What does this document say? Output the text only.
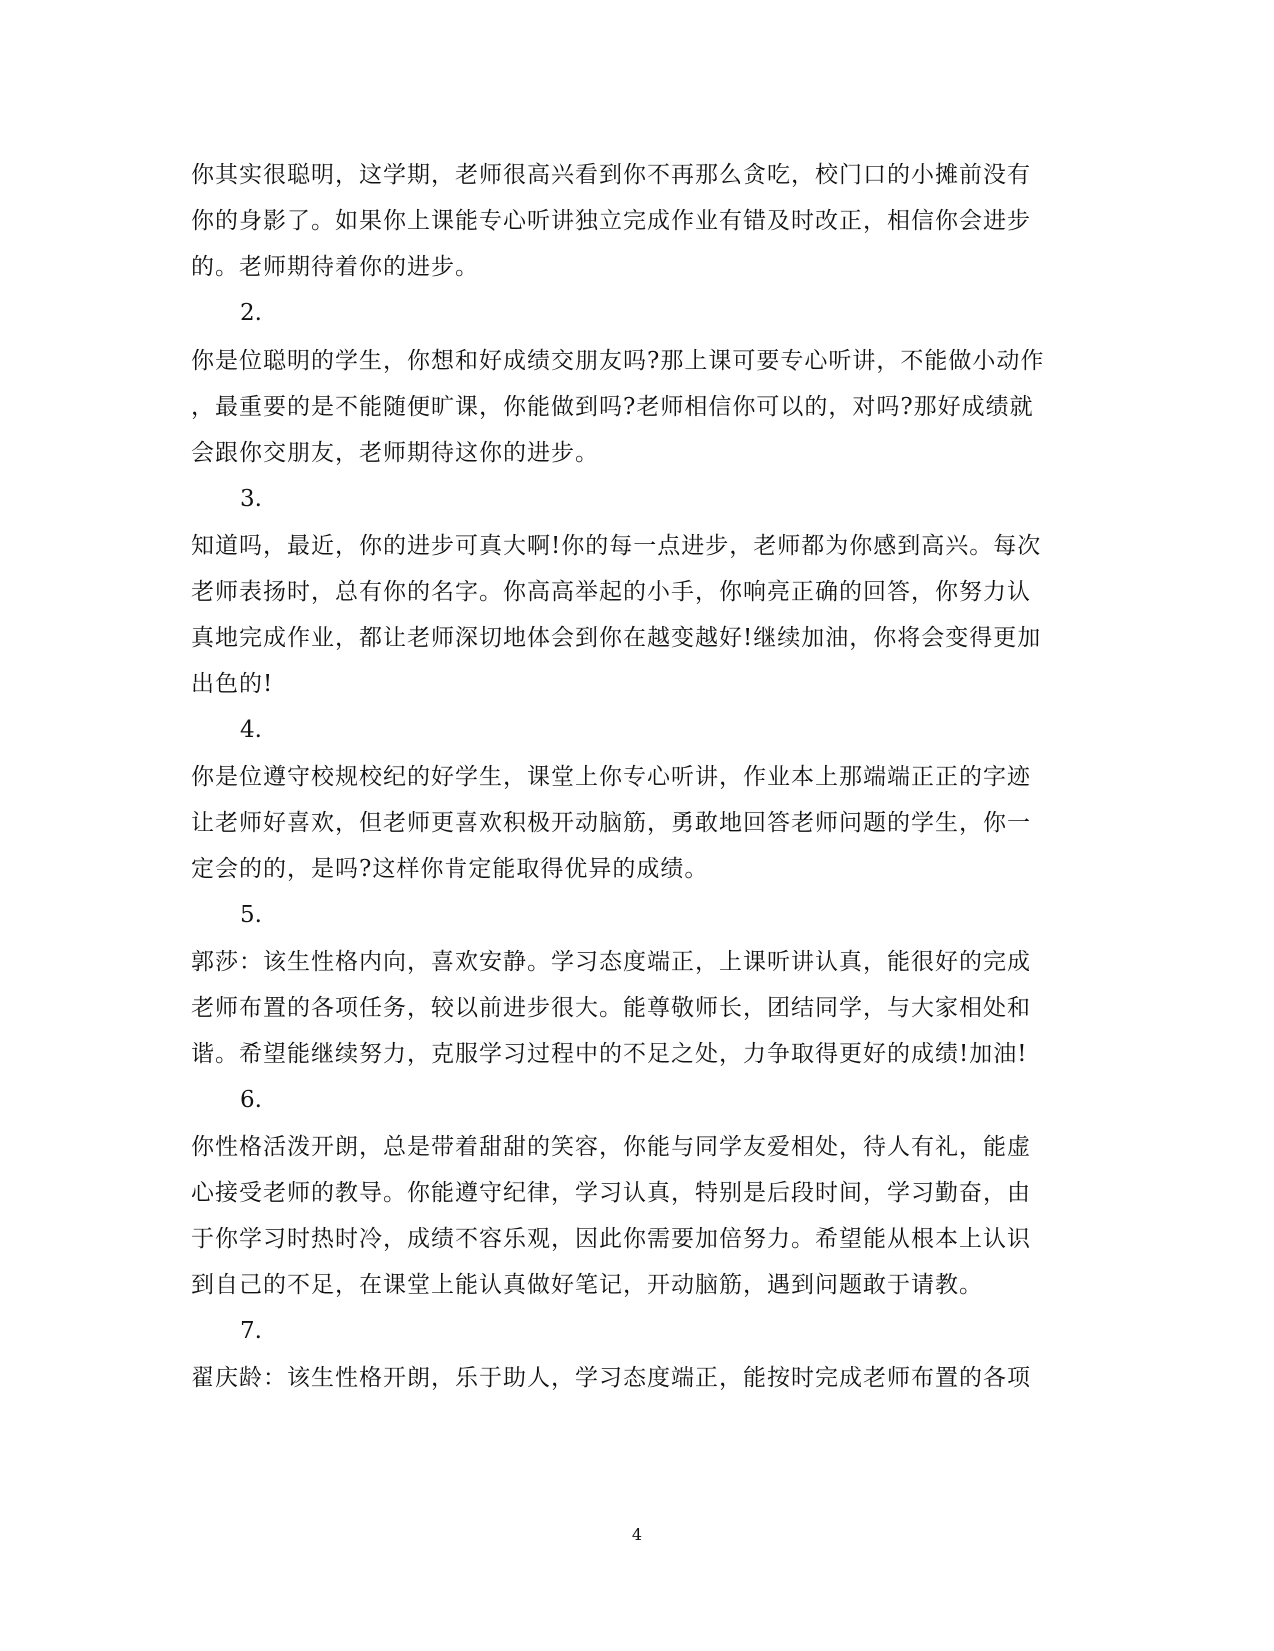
你其实很聪明，这学期，老师很高兴看到你不再那么贪吃，校门口的小摊前没有
你的身影了。如果你上课能专心听讲独立完成作业有错及时改正，相信你会进步
的。老师期待着你的进步。
2.
你是位聪明的学生，你想和好成绩交朋友吗?那上课可要专心听讲，不能做小动作
，最重要的是不能随便旷课，你能做到吗?老师相信你可以的，对吗?那好成绩就
会跟你交朋友，老师期待这你的进步。
3.
知道吗，最近，你的进步可真大啊!你的每一点进步，老师都为你感到高兴。每次
老师表扬时，总有你的名字。你高高举起的小手，你响亮正确的回答，你努力认
真地完成作业，都让老师深切地体会到你在越变越好!继续加油，你将会变得更加
出色的!
4.
你是位遵守校规校纪的好学生，课堂上你专心听讲，作业本上那端端正正的字迹
让老师好喜欢，但老师更喜欢积极开动脑筋，勇敢地回答老师问题的学生，你一
定会的的，是吗?这样你肯定能取得优异的成绩。
5.
郭莎：该生性格内向，喜欢安静。学习态度端正，上课听讲认真，能很好的完成
老师布置的各项任务，较以前进步很大。能尊敬师长，团结同学，与大家相处和
谐。希望能继续努力，克服学习过程中的不足之处，力争取得更好的成绩!加油!
6.
你性格活泼开朗，总是带着甜甜的笑容，你能与同学友爱相处，待人有礼，能虚
心接受老师的教导。你能遵守纪律，学习认真，特别是后段时间，学习勤奋，由
于你学习时热时冷，成绩不容乐观，因此你需要加倍努力。希望能从根本上认识
到自己的不足，在课堂上能认真做好笔记，开动脑筋，遇到问题敢于请教。
7.
翟庆龄：该生性格开朗，乐于助人，学习态度端正，能按时完成老师布置的各项
4
